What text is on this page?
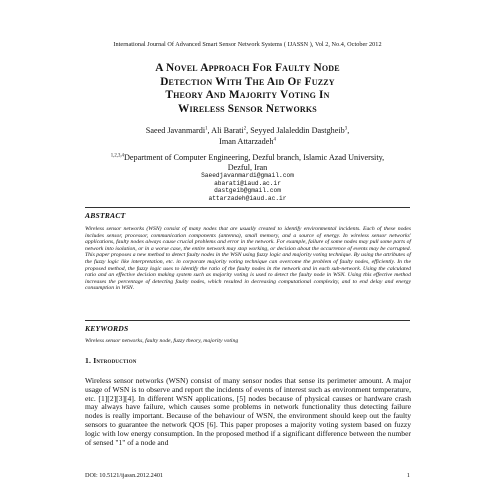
International Journal Of Advanced Smart Sensor Network Systems ( IJASSN ), Vol 2, No.4, October 2012
A Novel Approach For Faulty Node
Detection With The Aid Of Fuzzy
Theory And Majority Voting In
Wireless Sensor Networks
Saeed Javanmardi$^1$, Ali Barati$^2$, Seyyed Jalaleddin Dastgheib$^3$,
Iman Attarzadeh$^4$
$^{1,2,3,4}$Department of Computer Engineering, Dezful branch, Islamic Azad University,
Dezful, Iran
Saeedjavanmardi@gmail.com
abarati@iaud.ac.ir
dastgeib@gmail.com
attarzadeh@iaud.ac.ir
ABSTRACT

Wireless sensor networks (WSN) consist of many nodes that are usually created to identify environmental incidents. Each of these nodes includes sensor, processor, communication components (antenna), small memory, and a source of energy. In wireless sensor networks' applications, faulty nodes always cause crucial problems and error in the network. For example, failure of some nodes may pull some parts of network into isolation, or in a worse case, the entire network may stop working, or decision about the occurrence of events may be corrupted. This paper proposes a new method to detect faulty nodes in the WSN using fuzzy logic and majority voting technique. By using the attributes of the fuzzy logic like interpretation, etc. in corporate majority voting technique can overcome the problem of faulty nodes, efficiently. In the proposed method, the fuzzy logic uses to identify the ratio of the faulty nodes in the network and in each sub-network. Using the calculated ratio and an effective decision making system such as majority voting is used to detect the faulty node in WSN. Using this effective method increases the percentage of detecting faulty nodes, which resulted in decreasing computational complexity, and to end delay and energy consumption in WSN.

KEYWORDS
Wireless sensor networks, faulty node, fuzzy theory, majority voting
1. Introduction

Wireless sensor networks (WSN) consist of many sensor nodes that sense its perimeter amount. A major usage of WSN is to observe and report the incidents of events of interest such as environment temperature, etc. [1][2][3][4]. In different WSN applications, [5] nodes because of physical causes or hardware crash may always have failure, which causes some problems in network functionality thus detecting failure nodes is really important. Because of the behaviour of WSN, the environment should keep out the faulty sensors to guarantee the network QOS [6]. This paper proposes a majority voting system based on fuzzy logic with low energy consumption. In the proposed method if a significant difference between the number of sensed "1" of a node and

DOI: 10.5121/ijassn.2012.2401	1
